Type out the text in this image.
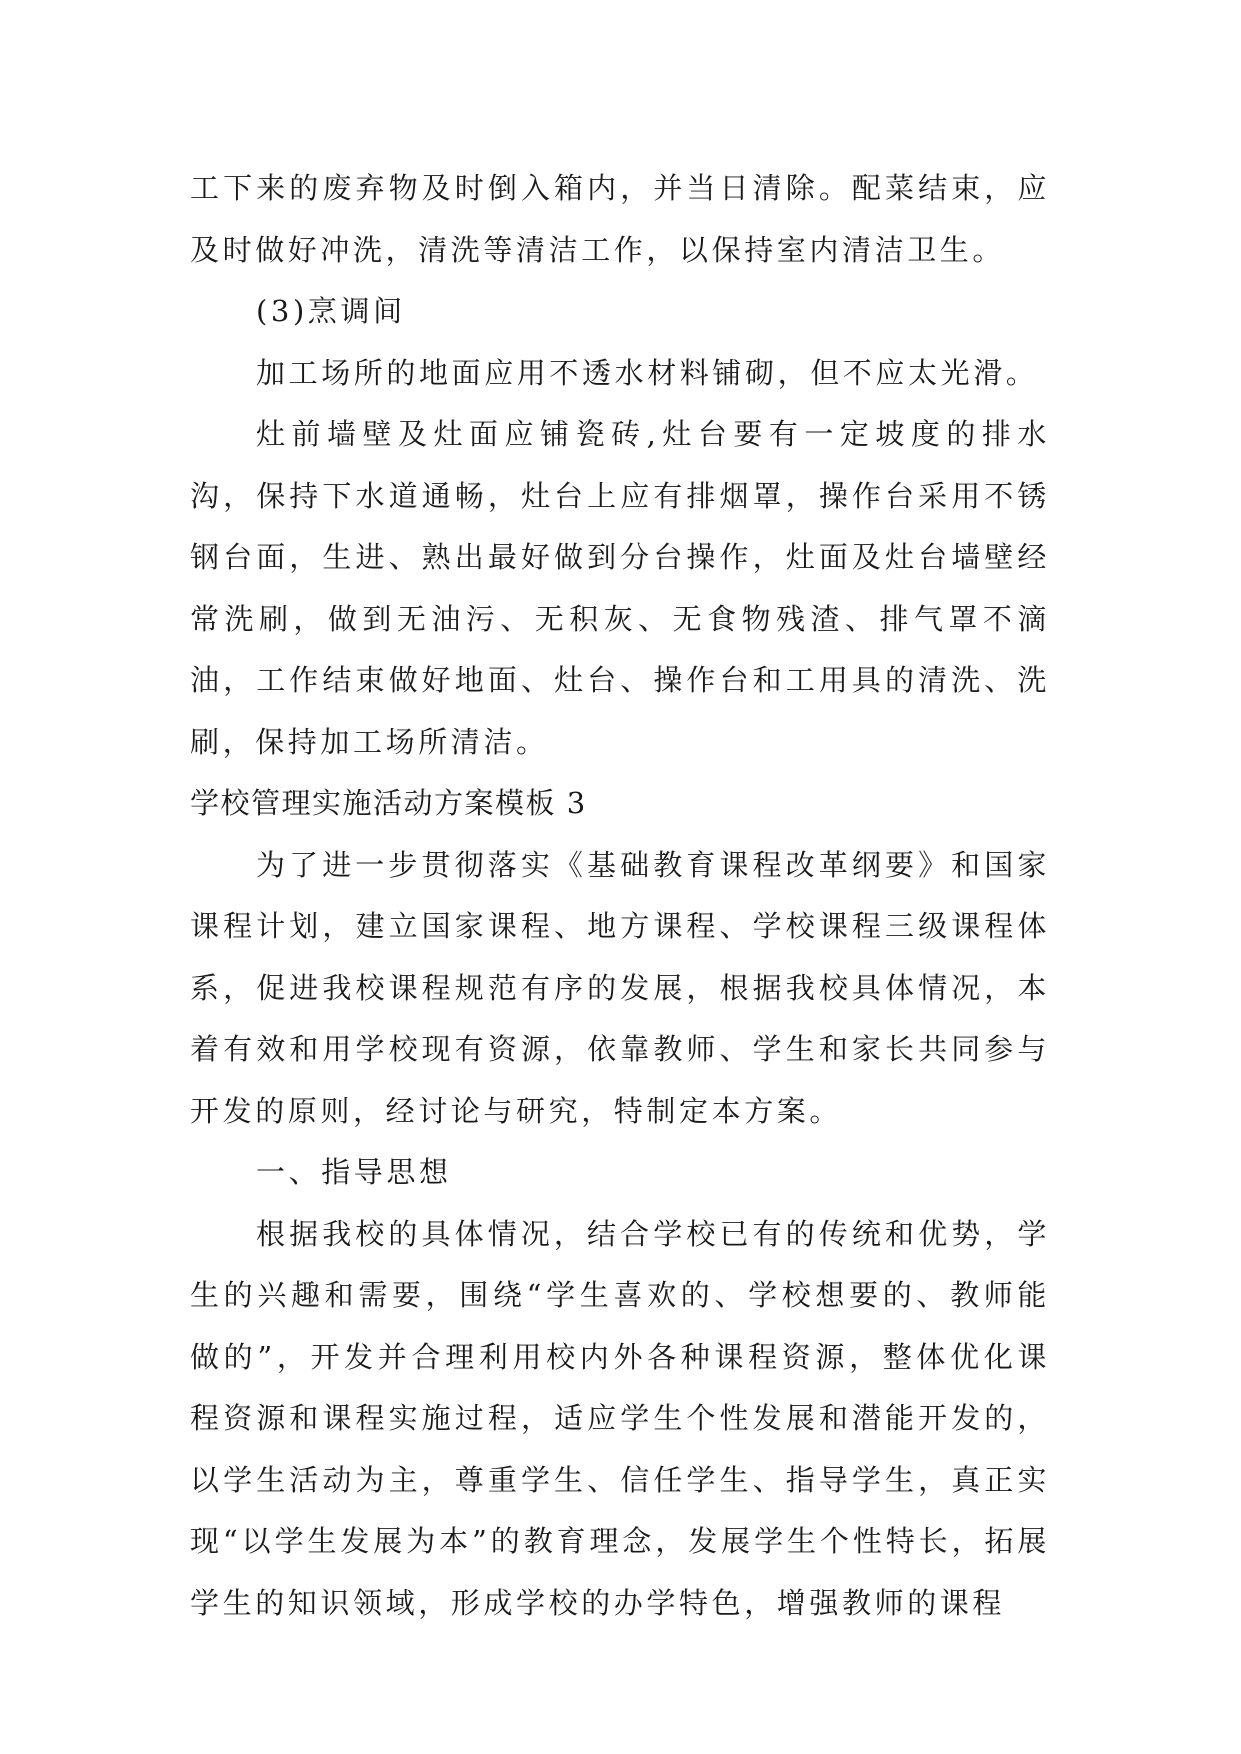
工下来的废弃物及时倒入箱内，并当日清除。配菜结束，应及时做好冲洗，清洗等清洁工作，以保持室内清洁卫生。

(3)烹调间

加工场所的地面应用不透水材料铺砌，但不应太光滑。

灶前墙壁及灶面应铺瓷砖,灶台要有一定坡度的排水沟，保持下水道通畅，灶台上应有排烟罩，操作台采用不锈钢台面，生进、熟出最好做到分台操作，灶面及灶台墙壁经常洗刷，做到无油污、无积灰、无食物残渣、排气罩不滴油，工作结束做好地面、灶台、操作台和工用具的清洗、洗刷，保持加工场所清洁。

学校管理实施活动方案模板 3

为了进一步贯彻落实《基础教育课程改革纲要》和国家课程计划，建立国家课程、地方课程、学校课程三级课程体系，促进我校课程规范有序的发展，根据我校具体情况，本着有效和用学校现有资源，依靠教师、学生和家长共同参与开发的原则，经讨论与研究，特制定本方案。

一、指导思想

根据我校的具体情况，结合学校已有的传统和优势，学生的兴趣和需要，围绕“学生喜欢的、学校想要的、教师能做的”，开发并合理利用校内外各种课程资源，整体优化课程资源和课程实施过程，适应学生个性发展和潜能开发的，以学生活动为主，尊重学生、信任学生、指导学生，真正实现“以学生发展为本”的教育理念，发展学生个性特长，拓展学生的知识领域，形成学校的办学特色，增强教师的课程
